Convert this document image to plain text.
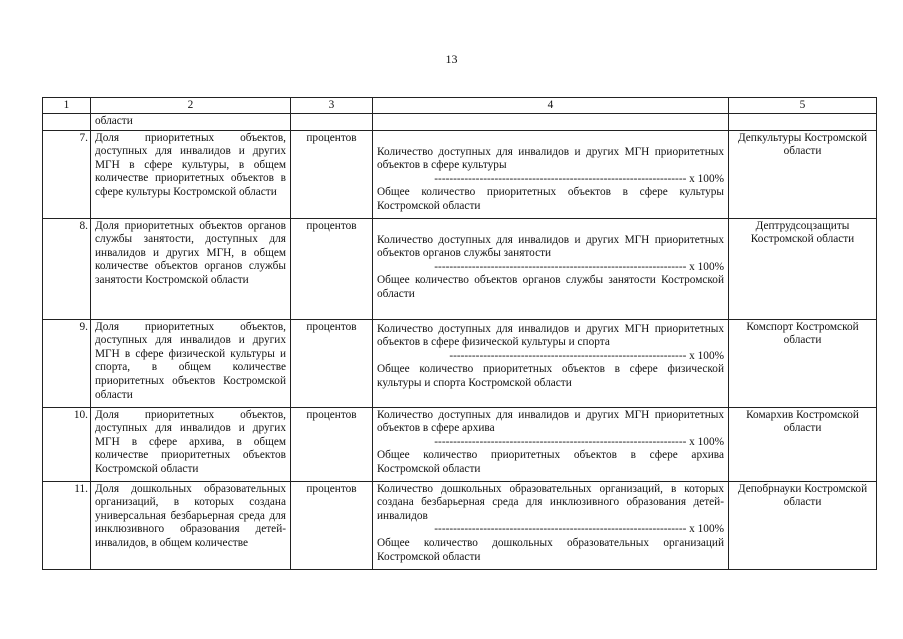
13
1	2	3	4	5
	области			
7.	Доля приоритетных объектов, доступных для инвалидов и других МГН в сфере культуры, в общем количестве приоритетных объектов в сфере культуры Костромской области	процентов	Количество доступных для инвалидов и других МГН приоритетных объектов в сфере культуры
------------------------------------------------------------------- х 100%
Общее количество приоритетных объектов в сфере культуры Костромской области	Депкультуры Костромской области
8.	Доля приоритетных объектов органов службы занятости, доступных для инвалидов и других МГН, в общем количестве объектов органов службы занятости Костромской области	процентов	Количество доступных для инвалидов и других МГН приоритетных объектов органов службы занятости
------------------------------------------------------------------- х 100%
Общее количество объектов органов службы занятости Костромской области	Дептрудсоцзащиты Костромской области
9.	Доля приоритетных объектов, доступных для инвалидов и других МГН в сфере физической культуры и спорта, в общем количестве приоритетных объектов Костромской области	процентов	Количество доступных для инвалидов и других МГН приоритетных объектов в сфере физической культуры и спорта
--------------------------------------------------------------- х 100%
Общее количество приоритетных объектов в сфере физической культуры и спорта Костромской области	Комспорт Костромской области
10.	Доля приоритетных объектов, доступных для инвалидов и других МГН в сфере архива, в общем количестве приоритетных объектов Костромской области	процентов	Количество доступных для инвалидов и других МГН приоритетных объектов в сфере архива
------------------------------------------------------------------- х 100%
Общее количество приоритетных объектов в сфере архива Костромской области	Комархив Костромской области
11.	Доля дошкольных образовательных организаций, в которых создана универсальная безбарьерная среда для инклюзивного образования детей-инвалидов, в общем количестве	процентов	Количество дошкольных образовательных организаций, в которых создана безбарьерная среда для инклюзивного образования детей-инвалидов
------------------------------------------------------------------- х 100%
Общее количество дошкольных образовательных организаций Костромской области	Депобрнауки Костромской области
